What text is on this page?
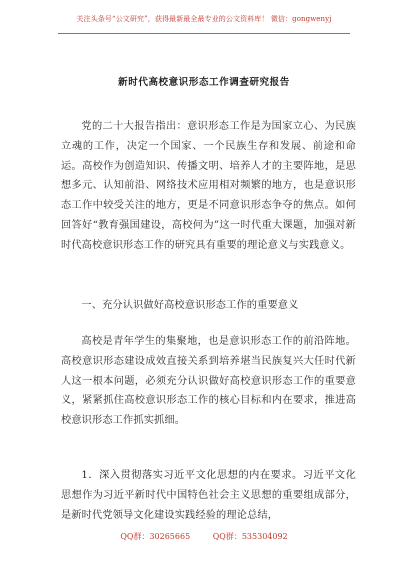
关注头条号“公文研究”，获得最新最全最专业的公文资料库！ 微信：gongwenyj
新时代高校意识形态工作调查研究报告
党的二十大报告指出：意识形态工作是为国家立心、为民族立魂的工作，决定一个国家、一个民族生存和发展、前途和命运。高校作为创造知识、传播文明、培养人才的主要阵地，是思想多元、认知前沿、网络技术应用相对频繁的地方，也是意识形态工作中较受关注的地方，更是不同意识形态争夺的焦点。如何回答好“教育强国建设，高校何为”这一时代重大课题，加强对新时代高校意识形态工作的研究具有重要的理论意义与实践意义。
一、充分认识做好高校意识形态工作的重要意义
高校是青年学生的集聚地，也是意识形态工作的前沿阵地。高校意识形态建设成效直接关系到培养堪当民族复兴大任时代新人这一根本问题，必须充分认识做好高校意识形态工作的重要意义，紧紧抓住高校意识形态工作的核心目标和内在要求，推进高校意识形态工作抓实抓细。
1．深入贯彻落实习近平文化思想的内在要求。习近平文化思想作为习近平新时代中国特色社会主义思想的重要组成部分，是新时代党领导文化建设实践经验的理论总结，
QQ群：30265665	QQ群：535304092
